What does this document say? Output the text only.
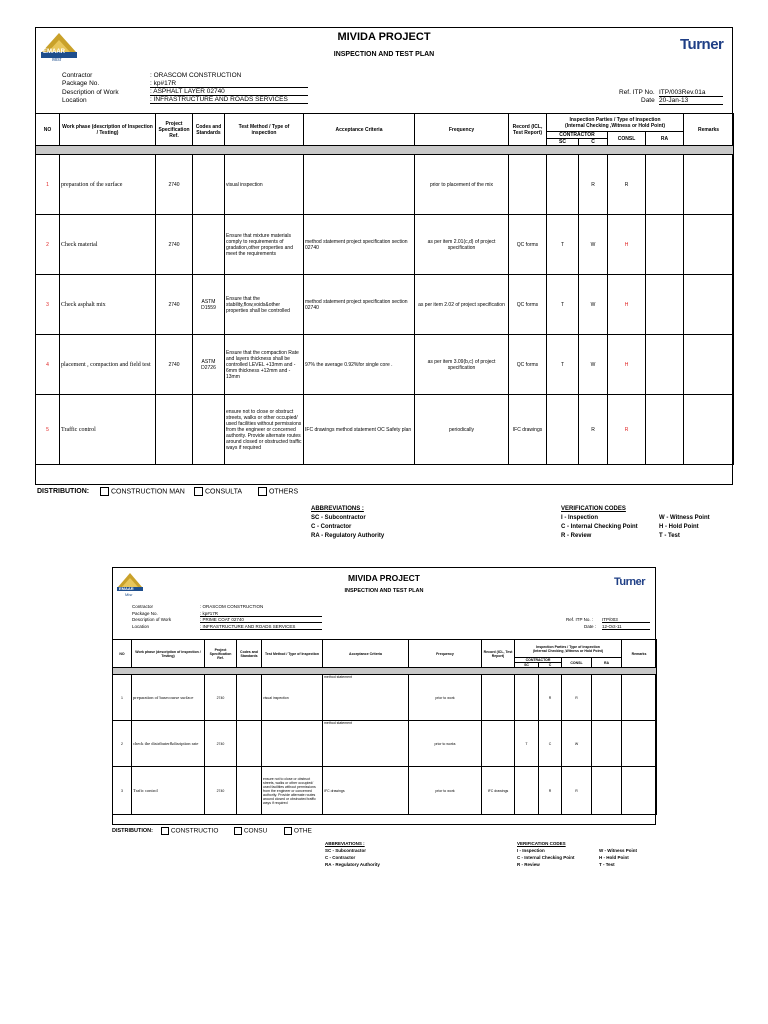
EMAAR
Misr
MIVIDA PROJECT
INSPECTION AND TEST PLAN
Turner
Contractor
Package No.
Description of Work
Location
: ORASCOM CONSTRUCTION
: kp#17R
: ASPHALT LAYER 02740
: INFRASTRUCTURE AND ROADS SERVICES
Ref. ITP No. ITP/003Rev.01a
Date 20-Jan-13
NO	Work phase (description of Inspection / Testing)	Project Specification Ref.	Codes and Standards	Test Method / Type of inspection	Acceptance Criteria	Frequency	Record (ICL, Test Report)	Inspection Parties / Type of inspection
(Internal Checking ,Witness or Hold Point)				Remarks
								CONTRACTOR		CONSL	RA	
								SC	C			

1	preparation of the surface	2740		visual inspection		prior to placement of the mix			R	R		
2	Check material	2740		Ensure that mixture materials comply to requirements of gradation,other properties and meet the requirements	method statement project specification section 02740	as per item 2.01(c,d) of project specification	QC forms	T	W	H		
3	Check asphalt mix	2740	ASTM D1559	Ensure that the stability,flow,voids&other properties shall be controlled	method statement project specification section 02740	as per item 2.02 of project specification	QC forms	T	W	H		
4	placement , compaction and field test	2740	ASTM D2726	Ensure that the compaction Rate and layers thickness shall be controlled LEVEL +13mm and - 6mm thickness +12mm and - 13mm	97% the average 0.92%for single core .	as per item 3.09(b,c) of project specification	QC forms	T	W	H		
5	Traffic control			ensure not to close or obstruct streets, walks or other occupied/ used facilities without permissions from the engineer or concerned authority. Provide alternate routes around closed or obstructed traffic ways if required	IFC drawings method statement OC Safety plan	periodically	IFC drawings		R	R		
DISTRIBUTION:	CONSTRUCTION MAN	CONSULTA	OTHERS
ABBREVIATIONS :
SC - Subcontractor
C - Contractor
RA - Regulatory Authority
VERIFICATION CODES
I - Inspection
C - Internal Checking Point
R - Review
W - Witness Point
H - Hold Point
T - Test
EMAAR
Misr
MIVIDA PROJECT
INSPECTION AND TEST PLAN
Turner
Contractor
Package No.
Description of Work
Location
: ORASCOM CONSTRUCTION
: kp#17R
: PRIME COAT 02740
: INFRASTRUCTURE AND ROADS SERVICES
Ref. ITP No. : ITP/003
Date : 12-Oct-11
NO	Work phase (description of inspection / Testing)	Project Specification Ref.	Codes and Standards	Test Method / Type of Inspection	Acceptance Criteria	Frequency	Record (ICL, Test Report)	Inspection Parties / Type of inspection
(Internal Checking ,Witness or Hold Point)				Remarks
								CONTRACTOR		CONSL	RA	
								SC	C			

1	preparation of basecourse surface	2740		visual inspection	method statement	prior to work			R	R		
2	check the distributer&disription rate	2740			method statement	prior to works		T	C	W		
3	Trafic control	2740		ensure not to close or obstruct streets, walks or other occupied/ used facilities without permissions from the engineer or concerned authority. Provide alternate routes around closed or obstructed traffic ways if required	IFC drawings	prior to work	IFC drawings		R	R		
DISTRIBUTION:	CONSTRUCTIO	CONSU	OTHE
ABBREVIATIONS :
SC - Subcontractor
C - Contractor
RA - Regulatory Authority
VERIFICATION CODES
I - Inspection
C - Internal Checking Point
R - Review
W - Witness Point
H - Hold Point
T - Test
